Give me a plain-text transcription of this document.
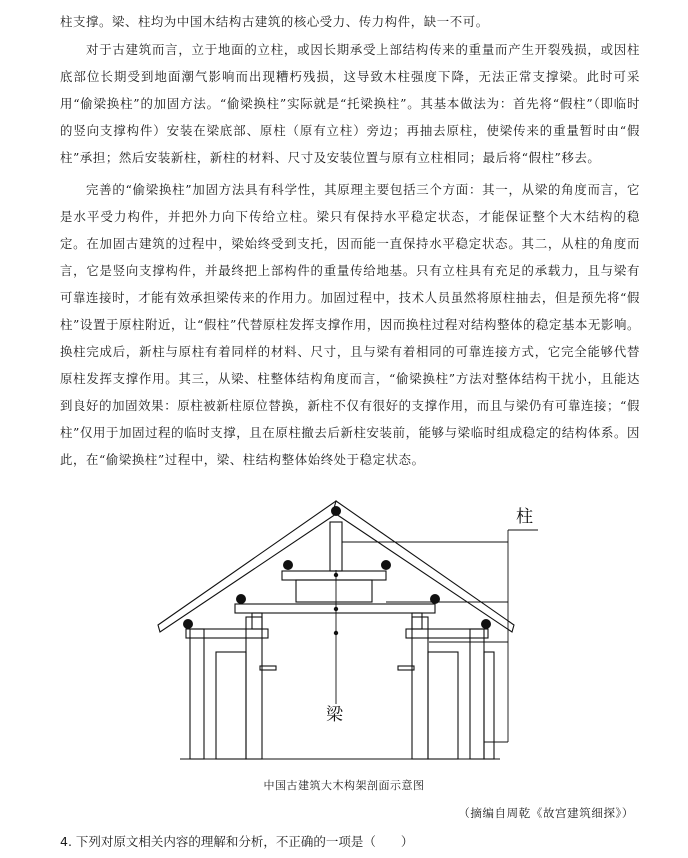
柱支撑。梁、柱均为中国木结构古建筑的核心受力、传力构件，缺一不可。

对于古建筑而言，立于地面的立柱，或因长期承受上部结构传来的重量而产生开裂残损，或因柱底部位长期受到地面潮气影响而出现糟朽残损，这导致木柱强度下降，无法正常支撑梁。此时可采用“偷梁换柱”的加固方法。“偷梁换柱”实际就是“托梁换柱”。其基本做法为：首先将“假柱”（即临时的竖向支撑构件）安装在梁底部、原柱（原有立柱）旁边；再抽去原柱，使梁传来的重量暂时由“假柱”承担；然后安装新柱，新柱的材料、尺寸及安装位置与原有立柱相同；最后将“假柱”移去。

完善的“偷梁换柱”加固方法具有科学性，其原理主要包括三个方面：其一，从梁的角度而言，它是水平受力构件，并把外力向下传给立柱。梁只有保持水平稳定状态，才能保证整个大木结构的稳定。在加固古建筑的过程中，梁始终受到支托，因而能一直保持水平稳定状态。其二，从柱的角度而言，它是竖向支撑构件，并最终把上部构件的重量传给地基。只有立柱具有充足的承载力，且与梁有可靠连接时，才能有效承担梁传来的作用力。加固过程中，技术人员虽然将原柱抽去，但是预先将“假柱”设置于原柱附近，让“假柱”代替原柱发挥支撑作用，因而换柱过程对结构整体的稳定基本无影响。换柱完成后，新柱与原柱有着同样的材料、尺寸，且与梁有着相同的可靠连接方式，它完全能够代替原柱发挥支撑作用。其三，从梁、柱整体结构角度而言，“偷梁换柱”方法对整体结构干扰小，且能达到良好的加固效果：原柱被新柱原位替换，新柱不仅有很好的支撑作用，而且与梁仍有可靠连接；“假柱”仅用于加固过程的临时支撑，且在原柱撤去后新柱安装前，能够与梁临时组成稳定的结构体系。因此，在“偷梁换柱”过程中，梁、柱结构整体始终处于稳定状态。

柱
梁
中国古建筑大木构架剖面示意图
（摘编自周乾《故宫建筑细探》）
4. 下列对原文相关内容的理解和分析，不正确的一项是（　　）
